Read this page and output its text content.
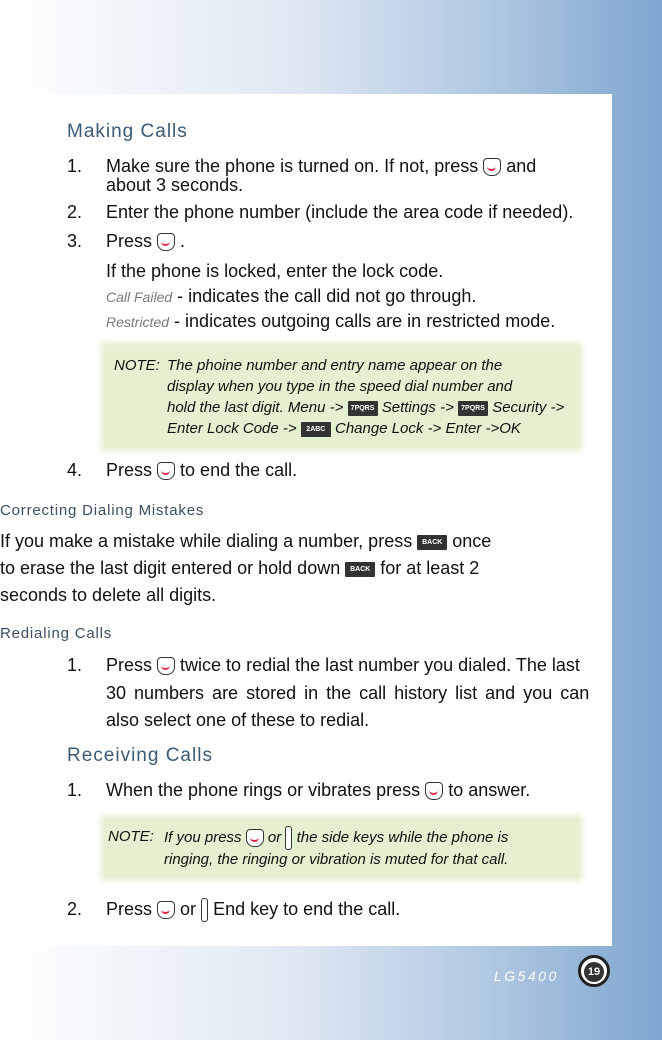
Making Calls
1. Make sure the phone is turned on. If not, press and
about 3 seconds.
2. Enter the phone number (include the area code if needed).
3. Press  .
If the phone is locked, enter the lock code.
Call Failed - indicates the call did not go through.
Restricted - indicates outgoing calls are in restricted mode.
NOTE: The phoine number and entry name appear on the
display when you type in the speed dial number and
hold the last digit. Menu -> 7PQRS Settings -> 7PQRS Security ->
Enter Lock Code -> 2ABC Change Lock -> Enter ->OK
4. Press to end the call.
Correcting Dialing Mistakes
If you make a mistake while dialing a number, press BACK once
to erase the last digit entered or hold down BACK for at least 2
seconds to delete all digits.
Redialing Calls
1. Press twice to redial the last number you dialed. The last
30 numbers are stored in the call history list and you can
also select one of these to redial.
Receiving Calls
1. When the phone rings or vibrates press to answer.
NOTE: If you press or the side keys while the phone is
ringing, the ringing or vibration is muted for that call.
2. Press or End key to end the call.
LG5400	19
